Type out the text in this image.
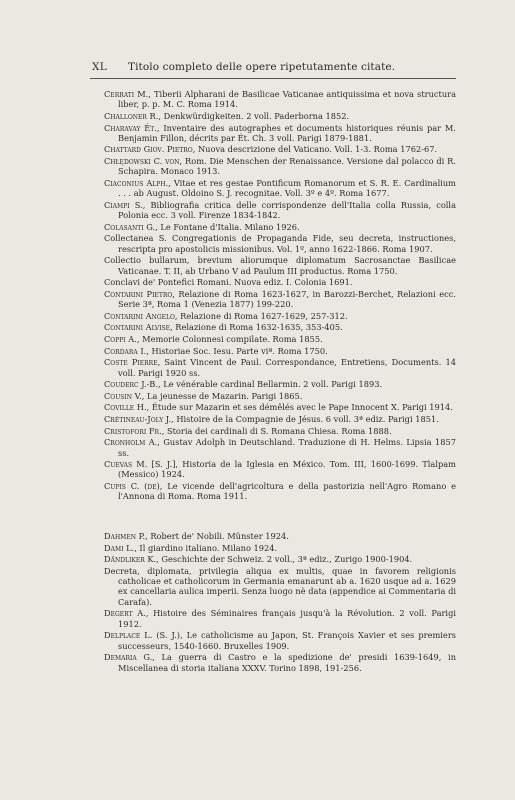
XL Titolo completo delle opere ripetutamente citate.

Cerrati M., Tiberii Alpharani de Basilicae Vaticanae antiquissima et nova structura liber, p. p. M. C. Roma 1914.

Challoner R., Denkwürdigkeiten. 2 voll. Paderborna 1852.

Charavay Ét., Inventaire des autographes et documents historiques réunis par M. Benjamin Fillon, décrits par Ét. Ch. 3 voll. Parigi 1879-1881.

Chattard Giov. Pietro, Nuova descrizione del Vaticano. Voll. 1-3. Roma 1762-67.

Chłędowski C. von, Rom. Die Menschen der Renaissance. Versione dal polacco di R. Schapira. Monaco 1913.

Ciaconius Alph., Vitae et res gestae Pontificum Romanorum et S. R. E. Cardinalium . . . ab August. Oldoino S. J. recognitae. Voll. 3º e 4º. Roma 1677.

Ciampi S., Bibliografia critica delle corrispondenze dell'Italia colla Russia, colla Polonia ecc. 3 voll. Firenze 1834-1842.

Colasanti G., Le Fontane d'Italia. Milano 1926.

Collectanea S. Congregationis de Propaganda Fide, seu decreta, instructiones, rescripta pro apostolicis missionibus. Vol. 1º, anno 1622-1866. Roma 1907.

Collectio bullarum, brevium aliorumque diplomatum Sacrosanctae Basilicae Vaticanae. T. II, ab Urbano V ad Paulum III productus. Roma 1750.

Conclavi de' Pontefici Romani. Nuova ediz. I. Colonia 1691.

Contarini Pietro, Relazione di Roma 1623-1627, in Barozzi-Berchet, Relazioni ecc. Serie 3ª, Roma 1 (Venezia 1877) 199-220.

Contarini Angelo, Relazione di Roma 1627-1629, 257-312.

Contarini Alvise, Relazione di Roma 1632-1635, 353-405.

Coppi A., Memorie Colonnesi compilate. Roma 1855.

Cordara I., Historiae Soc. Iesu. Parte viª. Roma 1750.

Coste Pierre, Saint Vincent de Paul. Correspondance, Entretiens, Documents. 14 voll. Parigi 1920 ss.

Couderc J.-B., Le vénérable cardinal Bellarmin. 2 voll. Parigi 1893.

Cousin V., La jeunesse de Mazarin. Parigi 1865.

Coville H., Étude sur Mazarin et ses démêlés avec le Pape Innocent X. Parigi 1914.

Crétineau-Joly J., Histoire de la Compagnie de Jésus. 6 voll. 3ª ediz. Parigi 1851.

Cristofori Fr., Storia dei cardinali di S. Romana Chiesa. Roma 1888.

Cronholm A., Gustav Adolph in Deutschland. Traduzione di H. Helms. Lipsia 1857 ss.

Cuevas M. [S. J.], Historia de la Iglesia en México. Tom. III, 1600-1699. Tlalpam (Messico) 1924.

Cupis C. (de), Le vicende dell'agricoltura e della pastorizia nell'Agro Romano e l'Annona di Roma. Roma 1911.

Dahmen P., Robert de' Nobili. Münster 1924.

Dami L., Il giardino italiano. Milano 1924.

Dändliker K., Geschichte der Schweiz. 2 voll., 3ª ediz., Zurigo 1900-1904.

Decreta, diplomata, privilegia aliqua ex multis, quae in favorem religionis catholicae et catholicorum in Germania emanarunt ab a. 1620 usque ad a. 1629 ex cancellaria aulica imperii. Senza luogo nè data (appendice ai Commentaria di Carafa).

Degert A., Histoire des Séminaires français jusqu'à la Révolution. 2 voll. Parigi 1912.

Delplace L. (S. J.), Le catholicisme au Japon, St. François Xavier et ses premiers successeurs, 1540-1660. Bruxelles 1909.

Demaria G., La guerra di Castro e la spedizione de' presidi 1639-1649, in Miscellanea di storia italiana XXXV. Torino 1898, 191-256.
